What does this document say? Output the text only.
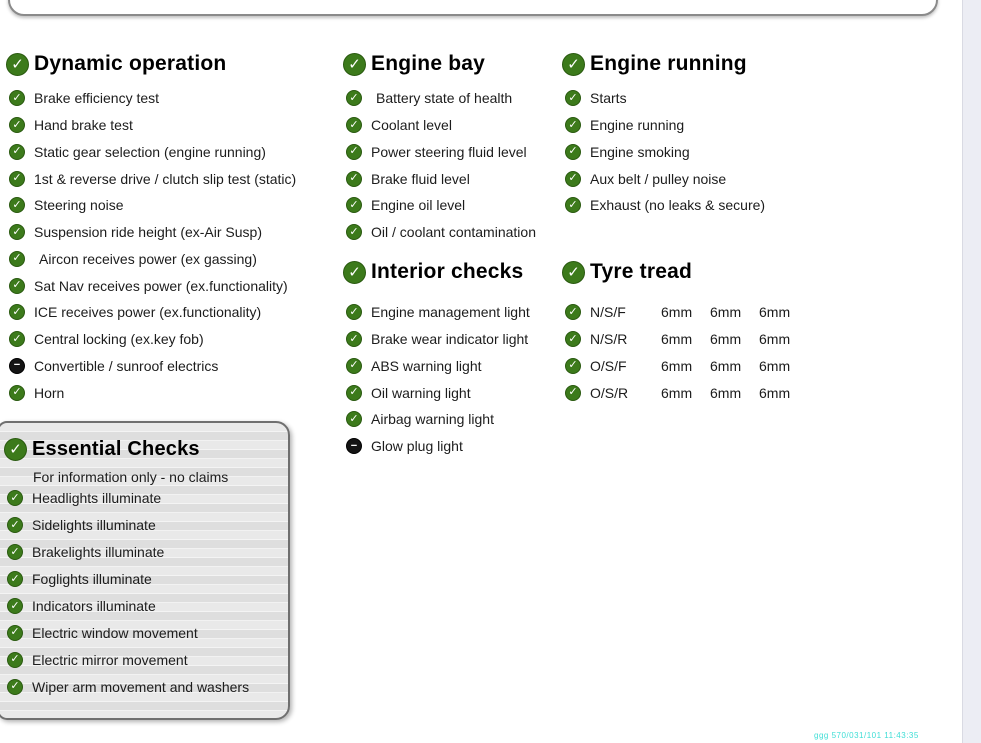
✓
Dynamic operation
✓
Brake efficiency test
✓
Hand brake test
✓
Static gear selection (engine running)
✓
1st & reverse drive / clutch slip test (static)
✓
Steering noise
✓
Suspension ride height (ex-Air Susp)
✓
Aircon receives power (ex gassing)
✓
Sat Nav receives power (ex.functionality)
✓
ICE receives power (ex.functionality)
✓
Central locking (ex.key fob)
−
Convertible / sunroof electrics
✓
Horn
✓
Engine bay
✓
Battery state of health
✓
Coolant level
✓
Power steering fluid level
✓
Brake fluid level
✓
Engine oil level
✓
Oil / coolant contamination
✓
Interior checks
✓
Engine management light
✓
Brake wear indicator light
✓
ABS warning light
✓
Oil warning light
✓
Airbag warning light
−
Glow plug light
✓
Engine running
✓
Starts
✓
Engine running
✓
Engine smoking
✓
Aux belt / pulley noise
✓
Exhaust (no leaks & secure)
✓
Tyre tread
✓
N/S/F	6mm	6mm	6mm
✓
N/S/R	6mm	6mm	6mm
✓
O/S/F	6mm	6mm	6mm
✓
O/S/R	6mm	6mm	6mm
✓
Essential Checks
For information only - no claims
✓
Headlights illuminate
✓
Sidelights illuminate
✓
Brakelights illuminate
✓
Foglights illuminate
✓
Indicators illuminate
✓
Electric window movement
✓
Electric mirror movement
✓
Wiper arm movement and washers
ggg 570/031/101 11:43:35
